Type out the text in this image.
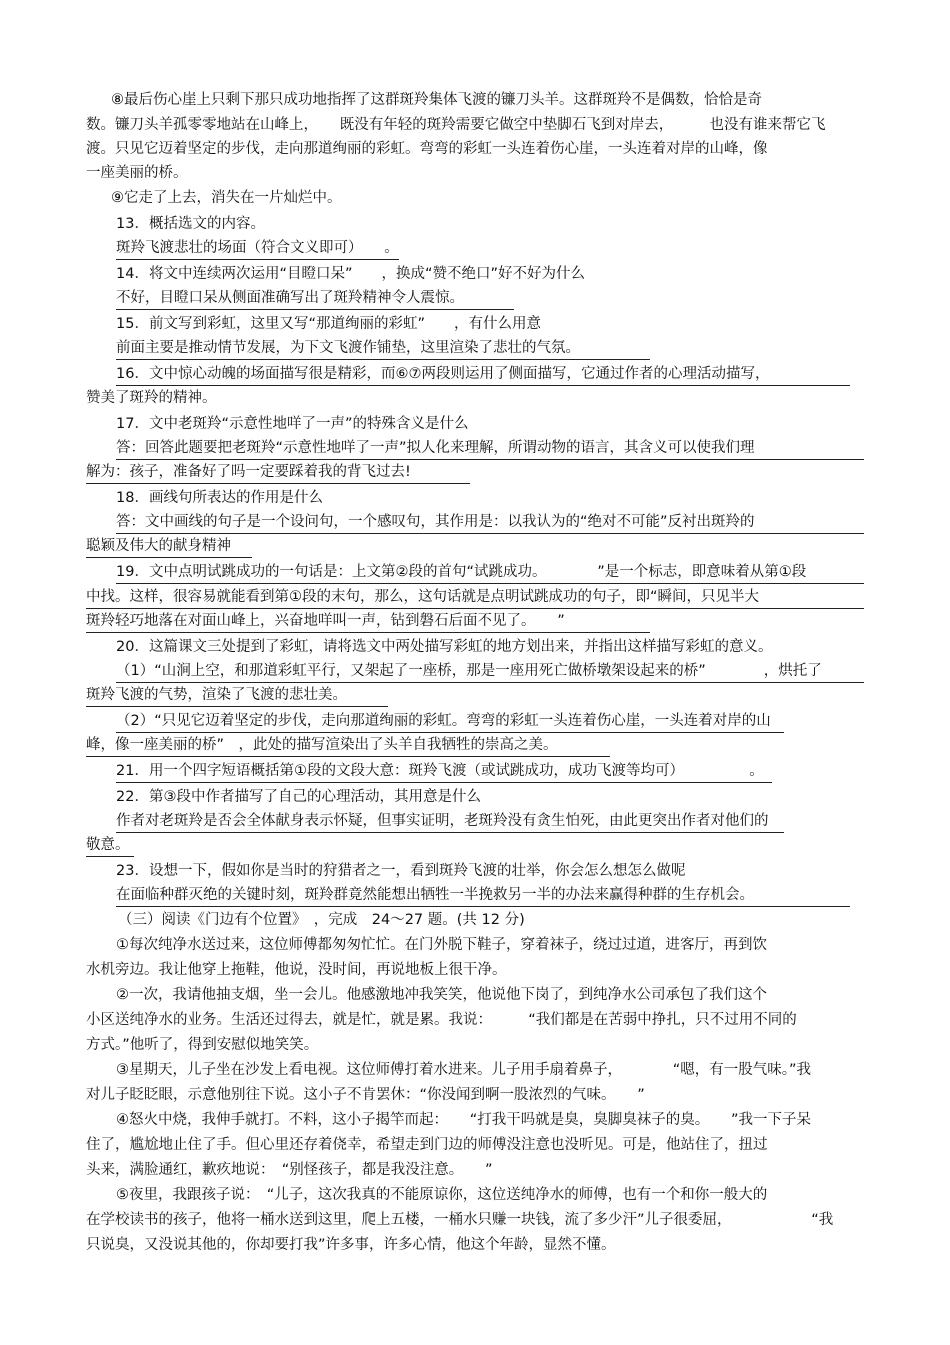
⑧最后伤心崖上只剩下那只成功地指挥了这群斑羚集体飞渡的镰刀头羊。这群斑羚不是偶数，恰恰是奇
数。镰刀头羊孤零零地站在山峰上，　　既没有年轻的斑羚需要它做空中垫脚石飞到对岸去，　　　也没有谁来帮它飞
渡。只见它迈着坚定的步伐，走向那道绚丽的彩虹。弯弯的彩虹一头连着伤心崖，一头连着对岸的山峰，像
一座美丽的桥。
⑨它走了上去，消失在一片灿烂中。
13．概括选文的内容。
斑羚飞渡悲壮的场面（符合文义即可）　　。
14．将文中连续两次运用“目瞪口呆”　　，换成“赞不绝口”好不好为什么
不好，目瞪口呆从侧面准确写出了斑羚精神令人震惊。
15．前文写到彩虹，这里又写“那道绚丽的彩虹”　　，有什么用意
前面主要是推动情节发展，为下文飞渡作铺垫，这里渲染了悲壮的气氛。
16．文中惊心动魄的场面描写很是精彩，而⑥⑦两段则运用了侧面描写，它通过作者的心理活动描写，
赞美了斑羚的精神。
17．文中老斑羚“示意性地咩了一声”的特殊含义是什么
答：回答此题要把老斑羚“示意性地咩了一声”拟人化来理解，所谓动物的语言，其含义可以使我们理
解为：孩子，准备好了吗一定要踩着我的背飞过去!
18．画线句所表达的作用是什么
答：文中画线的句子是一个设问句，一个感叹句，其作用是：以我认为的“绝对不可能”反衬出斑羚的
聪颖及伟大的献身精神
19．文中点明试跳成功的一句话是：上文第②段的首句“试跳成功。　　　　”是一个标志，即意味着从第①段
中找。这样，很容易就能看到第①段的末句，那么，这句话就是点明试跳成功的句子，即“瞬间，只见半大
斑羚轻巧地落在对面山峰上，兴奋地咩叫一声，钻到磐石后面不见了。　　”
20．这篇课文三处提到了彩虹，请将选文中两处描写彩虹的地方划出来，并指出这样描写彩虹的意义。
（1）“山涧上空，和那道彩虹平行，又架起了一座桥，那是一座用死亡做桥墩架设起来的桥”　　　　，烘托了
斑羚飞渡的气势，渲染了飞渡的悲壮美。
（2）“只见它迈着坚定的步伐，走向那道绚丽的彩虹。弯弯的彩虹一头连着伤心崖，一头连着对岸的山
峰，像一座美丽的桥”　，此处的描写渲染出了头羊自我牺牲的崇高之美。
21．用一个四字短语概括第①段的文段大意：斑羚飞渡（或试跳成功，成功飞渡等均可）　　　　　。
22．第③段中作者描写了自己的心理活动，其用意是什么
作者对老斑羚是否会全体献身表示怀疑，但事实证明，老斑羚没有贪生怕死，由此更突出作者对他们的
敬意。
23．设想一下，假如你是当时的狩猎者之一，看到斑羚飞渡的壮举，你会怎么想怎么做呢
在面临种群灭绝的关键时刻，斑羚群竟然能想出牺牲一半挽救另一半的办法来赢得种群的生存机会。
（三）阅读《门边有个位置》　，完成　24～27 题。(共 12 分)
①每次纯净水送过来，这位师傅都匆匆忙忙。在门外脱下鞋子，穿着袜子，绕过过道，进客厅，再到饮
水机旁边。我让他穿上拖鞋，他说，没时间，再说地板上很干净。
②一次，我请他抽支烟，坐一会儿。他感激地冲我笑笑，他说他下岗了，到纯净水公司承包了我们这个
小区送纯净水的业务。生活还过得去，就是忙，就是累。我说：　　　“我们都是在苦弱中挣扎，只不过用不同的
方式。”他听了，得到安慰似地笑笑。
③星期天，儿子坐在沙发上看电视。这位师傅打着水进来。儿子用手扇着鼻子，　　　　“嗯，有一股气味。”我
对儿子眨眨眼，示意他别往下说。这小子不肯罢休：“你没闻到啊一股浓烈的气味。　　”
④怒火中烧，我伸手就打。不料，这小子揭竿而起：　　“打我干吗就是臭，臭脚臭袜子的臭。　　”我一下子呆
住了，尴尬地止住了手。但心里还存着侥幸，希望走到门边的师傅没注意也没听见。可是，他站住了，扭过
头来，满脸通红，歉疚地说：　“别怪孩子，都是我没注意。　　”
⑤夜里，我跟孩子说：　“儿子，这次我真的不能原谅你，这位送纯净水的师傅，也有一个和你一般大的
在学校读书的孩子，他将一桶水送到这里，爬上五楼，一桶水只赚一块钱，流了多少汗”儿子很委屈，　　　　　　“我
只说臭，又没说其他的，你却要打我”许多事，许多心情，他这个年龄，显然不懂。
